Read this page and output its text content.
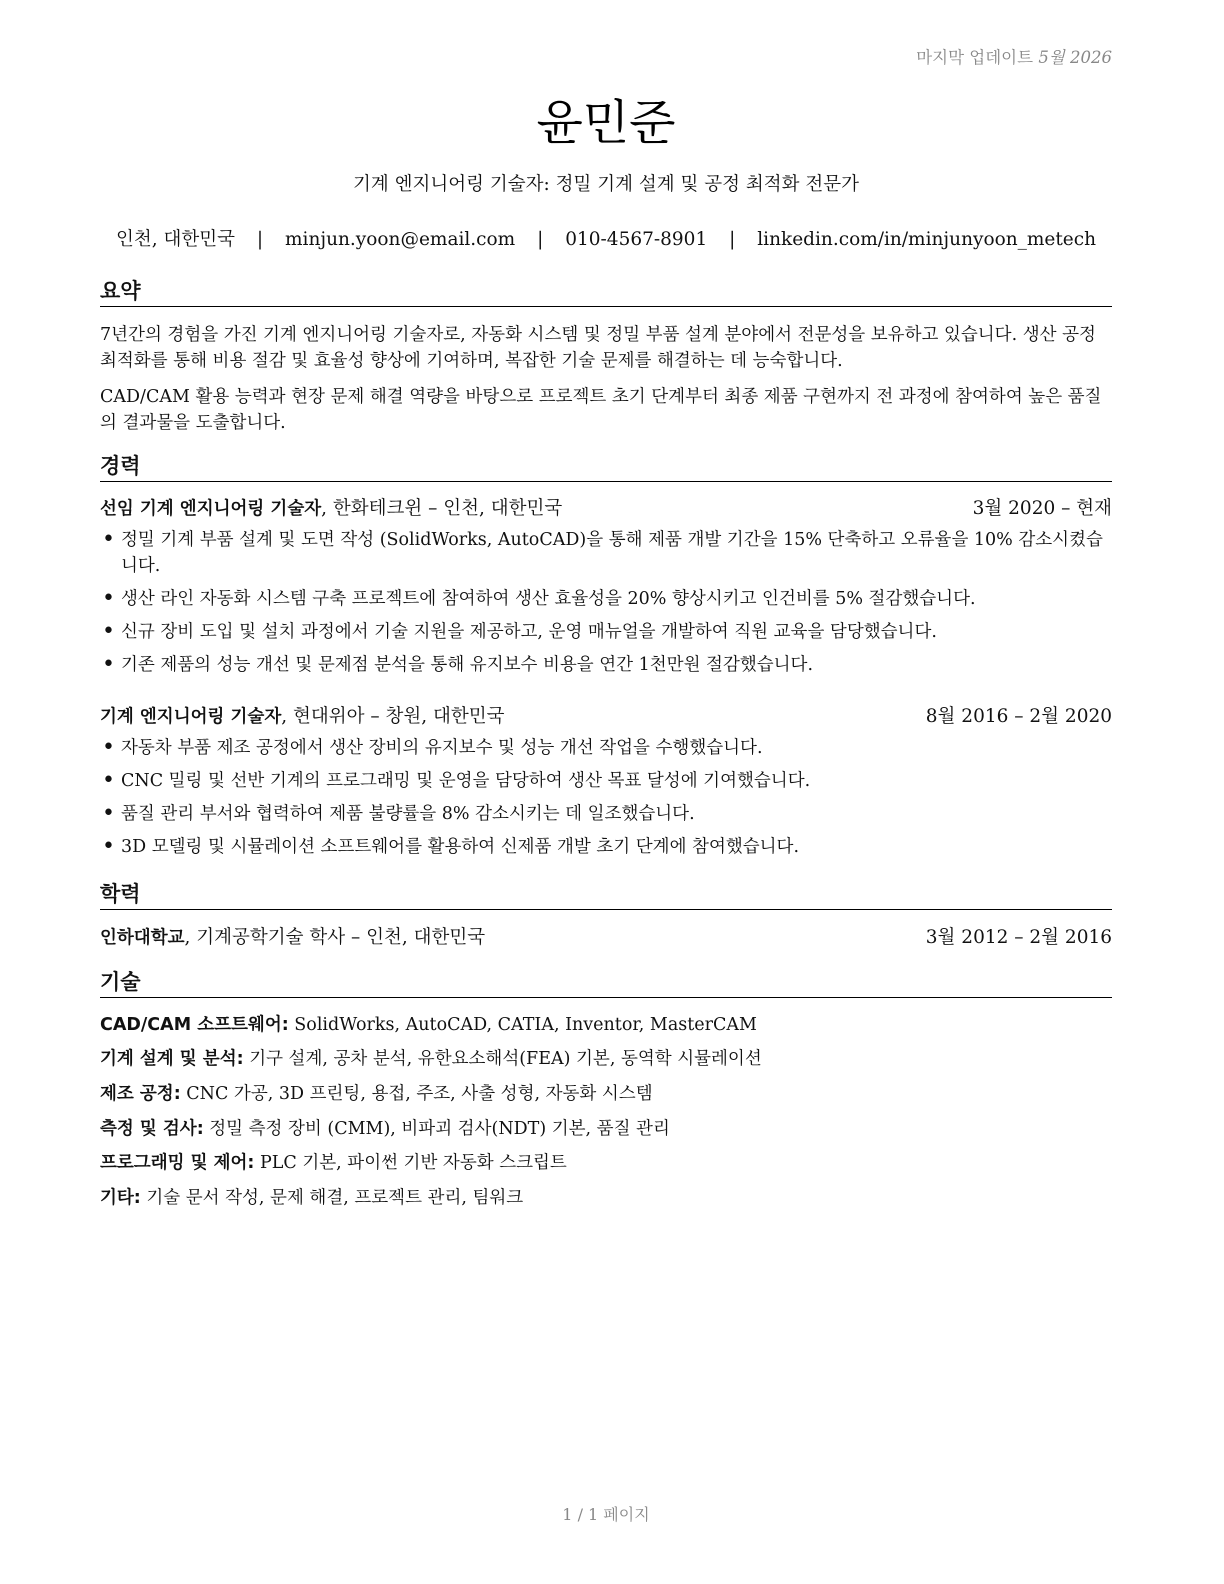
마지막 업데이트 5월 2026
윤민준
기계 엔지니어링 기술자: 정밀 기계 설계 및 공정 최적화 전문가
인천, 대한민국 | minjun.yoon@email.com | 010-4567-8901 | linkedin.com/in/minjunyoon_metech
요약
7년간의 경험을 가진 기계 엔지니어링 기술자로, 자동화 시스템 및 정밀 부품 설계 분야에서 전문성을 보유하고 있습니다. 생산 공정 최적화를 통해 비용 절감 및 효율성 향상에 기여하며, 복잡한 기술 문제를 해결하는 데 능숙합니다.
CAD/CAM 활용 능력과 현장 문제 해결 역량을 바탕으로 프로젝트 초기 단계부터 최종 제품 구현까지 전 과정에 참여하여 높은 품질의 결과물을 도출합니다.
경력
선임 기계 엔지니어링 기술자, 한화테크윈 – 인천, 대한민국	3월 2020 – 현재
• 정밀 기계 부품 설계 및 도면 작성 (SolidWorks, AutoCAD)을 통해 제품 개발 기간을 15% 단축하고 오류율을 10% 감소시켰습니다.
• 생산 라인 자동화 시스템 구축 프로젝트에 참여하여 생산 효율성을 20% 향상시키고 인건비를 5% 절감했습니다.
• 신규 장비 도입 및 설치 과정에서 기술 지원을 제공하고, 운영 매뉴얼을 개발하여 직원 교육을 담당했습니다.
• 기존 제품의 성능 개선 및 문제점 분석을 통해 유지보수 비용을 연간 1천만원 절감했습니다.
기계 엔지니어링 기술자, 현대위아 – 창원, 대한민국	8월 2016 – 2월 2020
• 자동차 부품 제조 공정에서 생산 장비의 유지보수 및 성능 개선 작업을 수행했습니다.
• CNC 밀링 및 선반 기계의 프로그래밍 및 운영을 담당하여 생산 목표 달성에 기여했습니다.
• 품질 관리 부서와 협력하여 제품 불량률을 8% 감소시키는 데 일조했습니다.
• 3D 모델링 및 시뮬레이션 소프트웨어를 활용하여 신제품 개발 초기 단계에 참여했습니다.
학력
인하대학교, 기계공학기술 학사 – 인천, 대한민국	3월 2012 – 2월 2016
기술
CAD/CAM 소프트웨어: SolidWorks, AutoCAD, CATIA, Inventor, MasterCAM
기계 설계 및 분석: 기구 설계, 공차 분석, 유한요소해석(FEA) 기본, 동역학 시뮬레이션
제조 공정: CNC 가공, 3D 프린팅, 용접, 주조, 사출 성형, 자동화 시스템
측정 및 검사: 정밀 측정 장비 (CMM), 비파괴 검사(NDT) 기본, 품질 관리
프로그래밍 및 제어: PLC 기본, 파이썬 기반 자동화 스크립트
기타: 기술 문서 작성, 문제 해결, 프로젝트 관리, 팀워크
1 / 1 페이지
